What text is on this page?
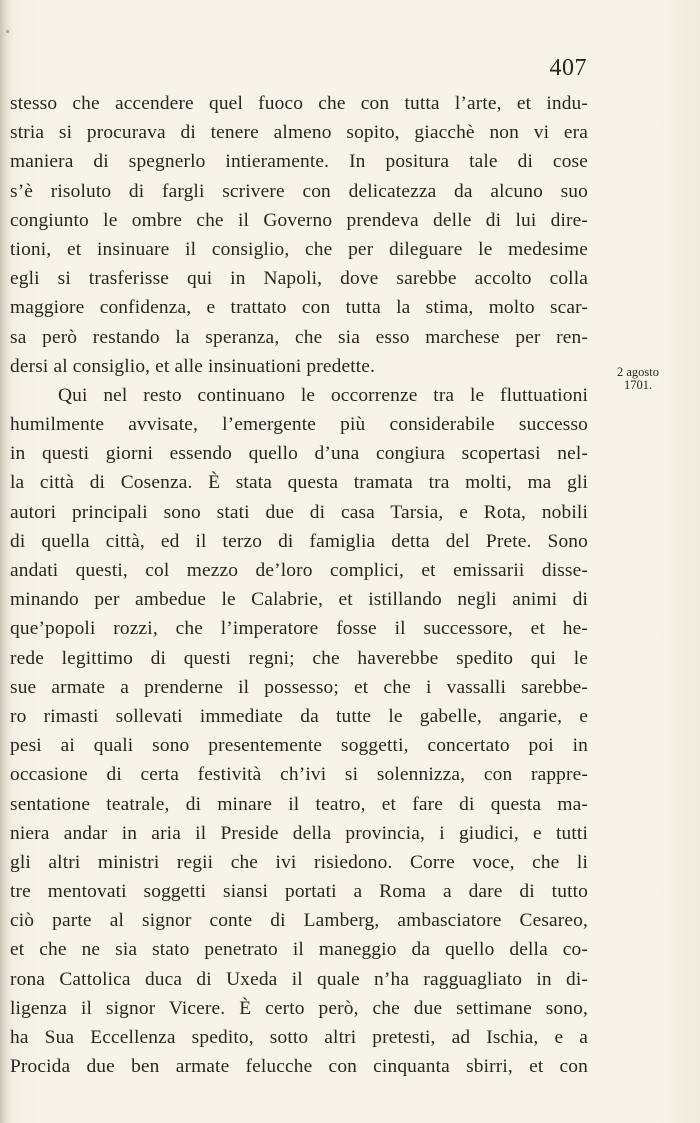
407
stesso che accendere quel fuoco che con tutta l’arte, et indu-
stria si procurava di tenere almeno sopito, giacchè non vi era
maniera di spegnerlo intieramente. In positura tale di cose
s’è risoluto di fargli scrivere con delicatezza da alcuno suo
congiunto le ombre che il Governo prendeva delle di lui dire-
tioni, et insinuare il consiglio, che per dileguare le medesime
egli si trasferisse qui in Napoli, dove sarebbe accolto colla
maggiore confidenza, e trattato con tutta la stima, molto scar-
sa però restando la speranza, che sia esso marchese per ren-
dersi al consiglio, et alle insinuationi predette.
Qui nel resto continuano le occorrenze tra le fluttuationi
humilmente avvisate, l’emergente più considerabile successo
in questi giorni essendo quello d’una congiura scopertasi nel-
la città di Cosenza. È stata questa tramata tra molti, ma gli
autori principali sono stati due di casa Tarsia, e Rota, nobili
di quella città, ed il terzo di famiglia detta del Prete. Sono
andati questi, col mezzo de’loro complici, et emissarii disse-
minando per ambedue le Calabrie, et istillando negli animi di
que’popoli rozzi, che l’imperatore fosse il successore, et he-
rede legittimo di questi regni; che haverebbe spedito qui le
sue armate a prenderne il possesso; et che i vassalli sarebbe-
ro rimasti sollevati immediate da tutte le gabelle, angarie, e
pesi ai quali sono presentemente soggetti, concertato poi in
occasione di certa festività ch’ivi si solennizza, con rappre-
sentatione teatrale, di minare il teatro, et fare di questa ma-
niera andar in aria il Preside della provincia, i giudici, e tutti
gli altri ministri regii che ivi risiedono. Corre voce, che li
tre mentovati soggetti siansi portati a Roma a dare di tutto
ciò parte al signor conte di Lamberg, ambasciatore Cesareo,
et che ne sia stato penetrato il maneggio da quello della co-
rona Cattolica duca di Uxeda il quale n’ha ragguagliato in di-
ligenza il signor Vicere. È certo però, che due settimane sono,
ha Sua Eccellenza spedito, sotto altri pretesti, ad Ischia, e a
Procida due ben armate felucche con cinquanta sbirri, et con
2 agosto
1701.
